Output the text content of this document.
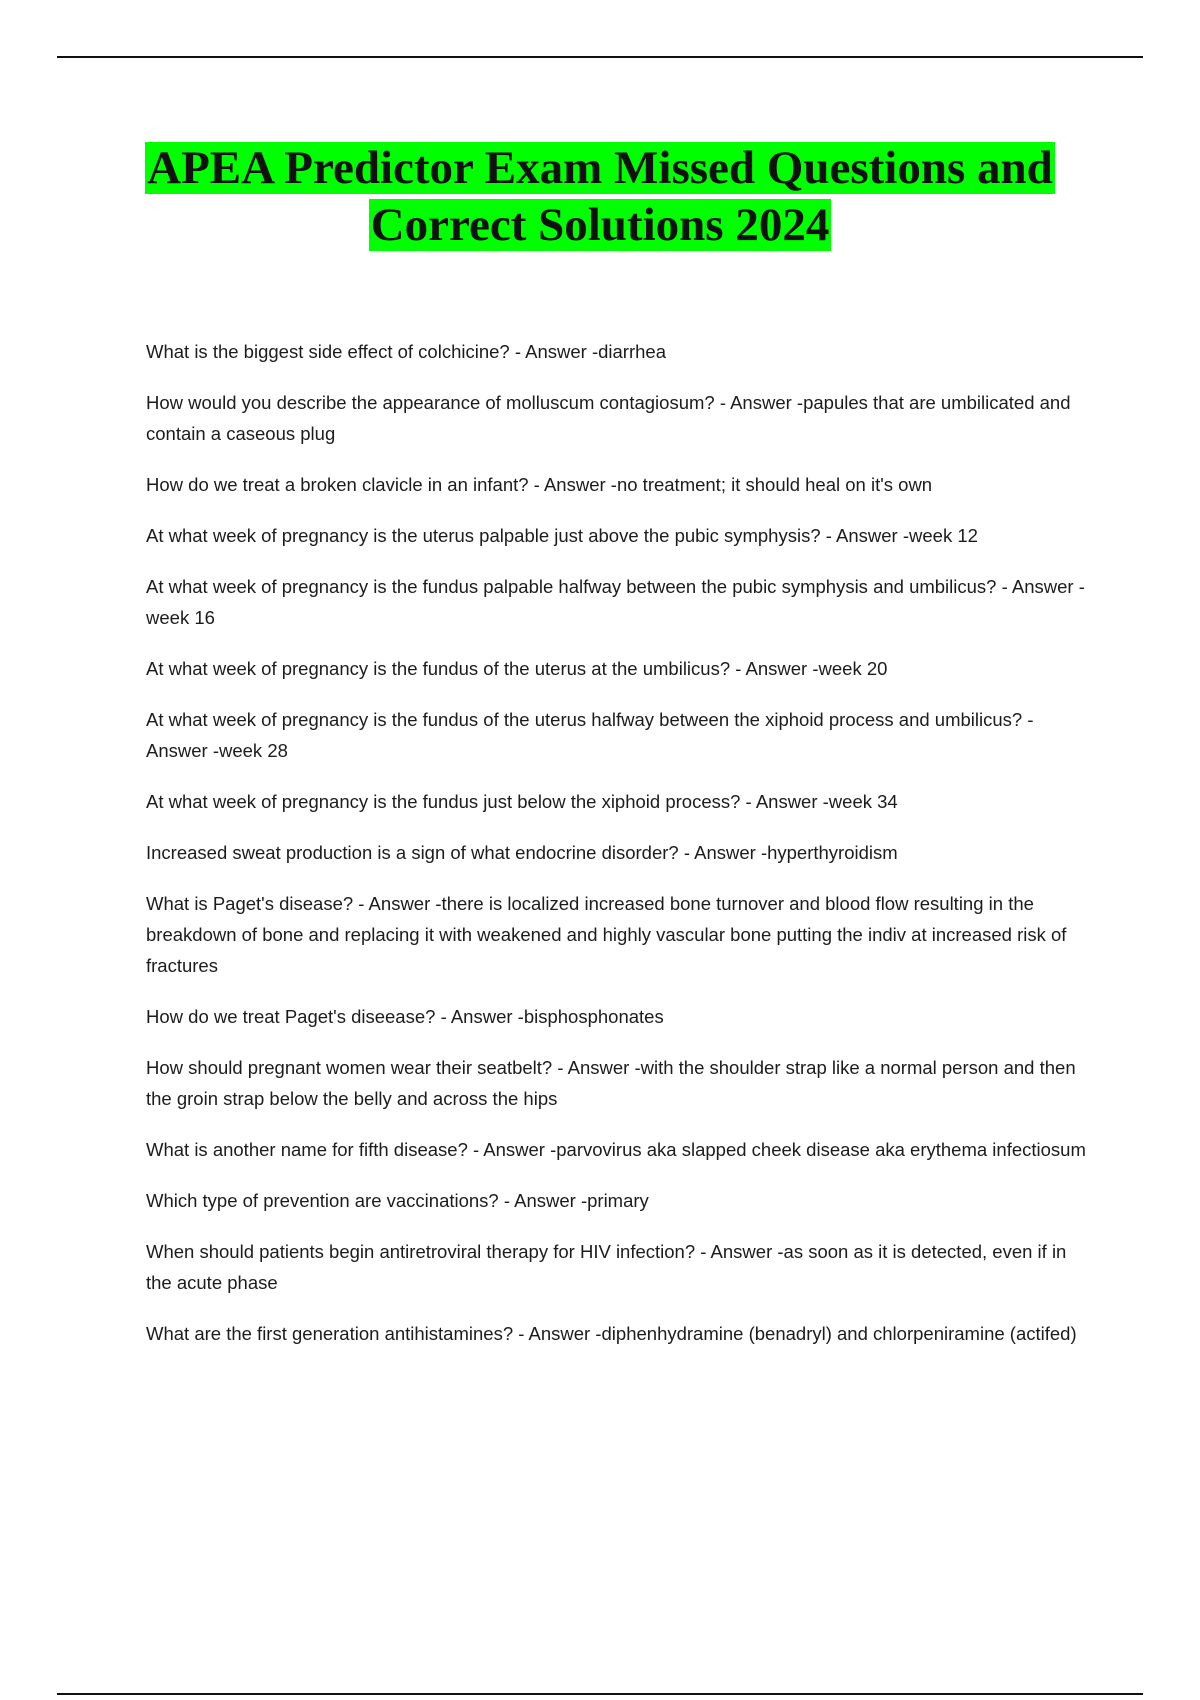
APEA Predictor Exam Missed Questions and
Correct Solutions 2024
What is the biggest side effect of colchicine? - Answer -diarrhea
How would you describe the appearance of molluscum contagiosum? - Answer -papules that are umbilicated and contain a caseous plug
How do we treat a broken clavicle in an infant? - Answer -no treatment; it should heal on it's own
At what week of pregnancy is the uterus palpable just above the pubic symphysis? - Answer -week 12
At what week of pregnancy is the fundus palpable halfway between the pubic symphysis and umbilicus? - Answer -week 16
At what week of pregnancy is the fundus of the uterus at the umbilicus? - Answer -week 20
At what week of pregnancy is the fundus of the uterus halfway between the xiphoid process and umbilicus? - Answer -week 28
At what week of pregnancy is the fundus just below the xiphoid process? - Answer -week 34
Increased sweat production is a sign of what endocrine disorder? - Answer -hyperthyroidism
What is Paget's disease? - Answer -there is localized increased bone turnover and blood flow resulting in the breakdown of bone and replacing it with weakened and highly vascular bone putting the indiv at increased risk of fractures
How do we treat Paget's diseease? - Answer -bisphosphonates
How should pregnant women wear their seatbelt? - Answer -with the shoulder strap like a normal person and then the groin strap below the belly and across the hips
What is another name for fifth disease? - Answer -parvovirus aka slapped cheek disease aka erythema infectiosum
Which type of prevention are vaccinations? - Answer -primary
When should patients begin antiretroviral therapy for HIV infection? - Answer -as soon as it is detected, even if in the acute phase
What are the first generation antihistamines? - Answer -diphenhydramine (benadryl) and chlorpeniramine (actifed)
